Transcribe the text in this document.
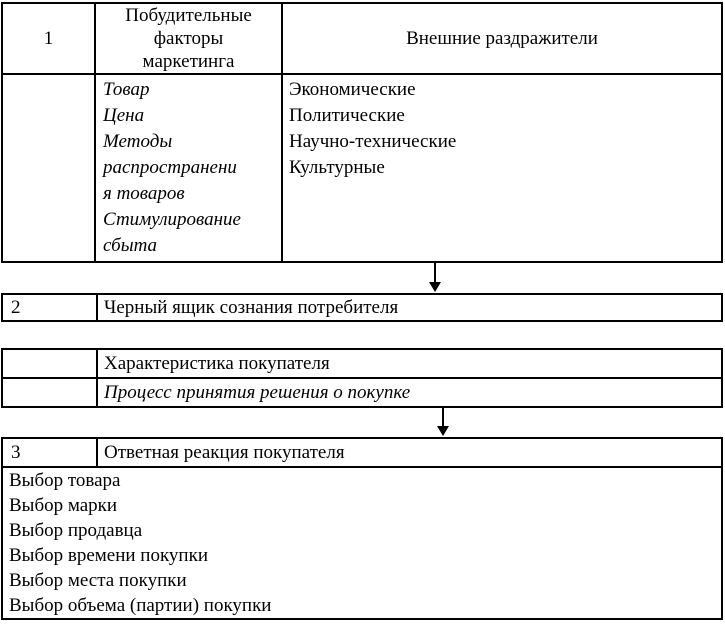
1
Побудительные
факторы
маркетинга
Внешние раздражители
Товар
Цена
Методы
распространени
я товаров
Стимулирование
сбыта
Экономические
Политические
Научно-технические
Культурные
2	Черный ящик сознания потребителя
Характеристика покупателя
Процесс принятия решения о покупке
3	Ответная реакция покупателя
Выбор товара
Выбор марки
Выбор продавца
Выбор времени покупки
Выбор места покупки
Выбор объема (партии) покупки
